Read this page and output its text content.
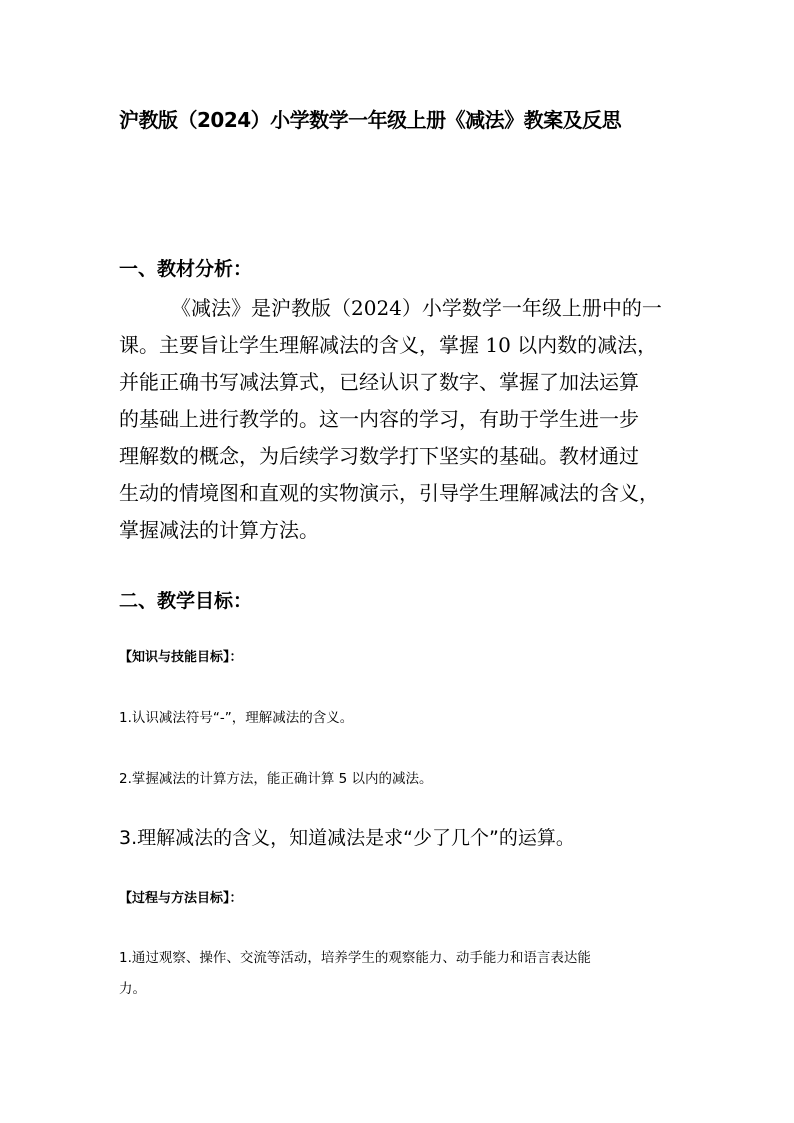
沪教版（2024）小学数学一年级上册《减法》教案及反思
一、教材分析：

《减法》是沪教版（2024）小学数学一年级上册中的一

课。主要旨让学生理解减法的含义，掌握 10 以内数的减法，

并能正确书写减法算式，已经认识了数字、掌握了加法运算

的基础上进行教学的。这一内容的学习，有助于学生进一步

理解数的概念，为后续学习数学打下坚实的基础。教材通过

生动的情境图和直观的实物演示，引导学生理解减法的含义，

掌握减法的计算方法。

二、教学目标：

【知识与技能目标】：

1.认识减法符号“-”，理解减法的含义。

2.掌握减法的计算方法，能正确计算 5 以内的减法。

3.理解减法的含义，知道减法是求“少了几个”的运算。

【过程与方法目标】：

1.通过观察、操作、交流等活动，培养学生的观察能力、动手能力和语言表达能

力。
